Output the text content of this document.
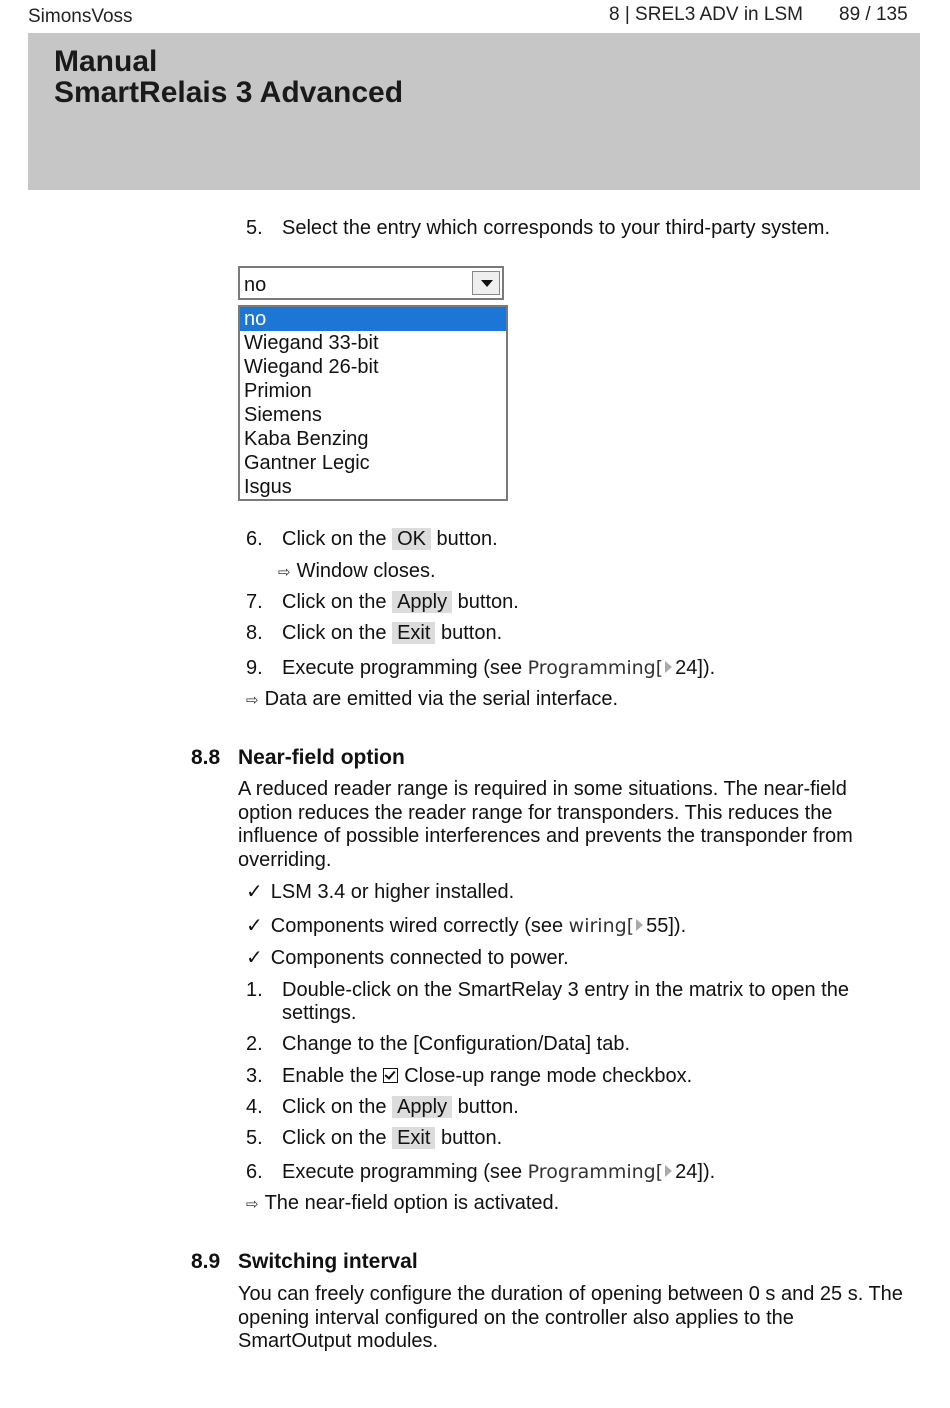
SimonsVoss	8 | SREL3 ADV in LSM 89 / 135
Manual
SmartRelais 3 Advanced
5. Select the entry which corresponds to your third-party system.
no
no
Wiegand 33-bit
Wiegand 26-bit
Primion
Siemens
Kaba Benzing
Gantner Legic
Isgus
6. Click on the OK button.
⇨ Window closes.
7. Click on the Apply button.
8. Click on the Exit button.
9. Execute programming (see Programming[ 24]).
⇨ Data are emitted via the serial interface.
8.8 Near-field option
A reduced reader range is required in some situations. The near-field
option reduces the reader range for transponders. This reduces the
influence of possible interferences and prevents the transponder from
overriding.
✓ LSM 3.4 or higher installed.
✓ Components wired correctly (see wiring[ 55]).
✓ Components connected to power.
1. Double-click on the SmartRelay 3 entry in the matrix to open the
settings.
2. Change to the [Configuration/Data] tab.
3. Enable the Close-up range mode checkbox.
4. Click on the Apply button.
5. Click on the Exit button.
6. Execute programming (see Programming[ 24]).
⇨ The near-field option is activated.
8.9 Switching interval
You can freely configure the duration of opening between 0 s and 25 s. The
opening interval configured on the controller also applies to the
SmartOutput modules.
